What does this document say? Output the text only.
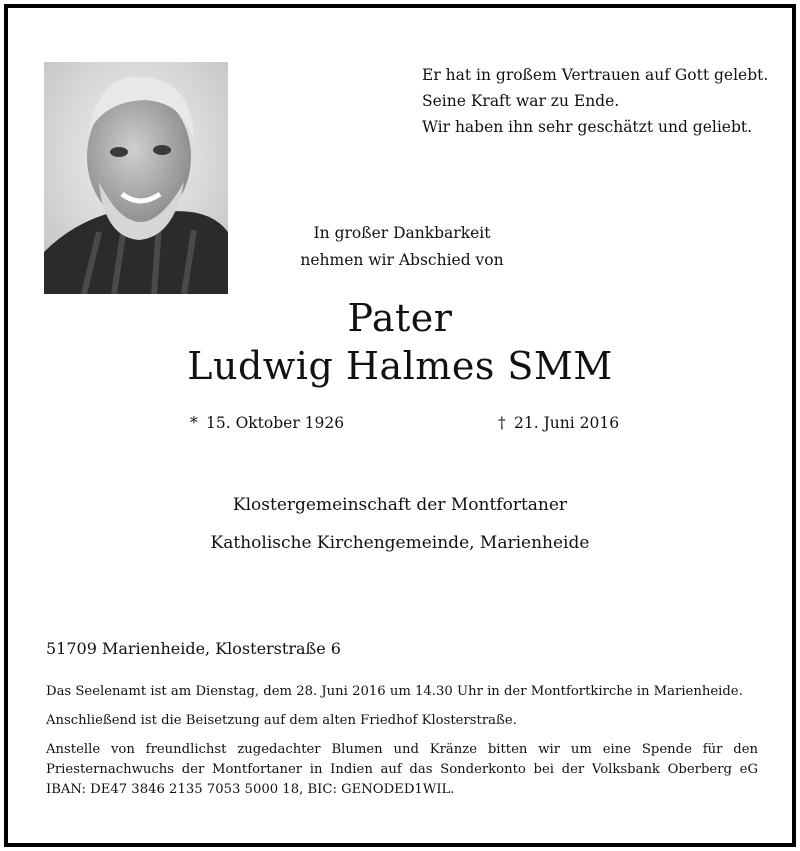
Er hat in großem Vertrauen auf Gott gelebt.
Seine Kraft war zu Ende.
Wir haben ihn sehr geschätzt und geliebt.
In großer Dankbarkeit
nehmen wir Abschied von
Pater
Ludwig Halmes SMM
* 15. Oktober 1926	† 21. Juni 2016
Klostergemeinschaft der Montfortaner
Katholische Kirchengemeinde, Marienheide
51709 Marienheide, Klosterstraße 6

Das Seelenamt ist am Dienstag, dem 28. Juni 2016 um 14.30 Uhr in der Montfortkirche in Marienheide.

Anschließend ist die Beisetzung auf dem alten Friedhof Klosterstraße.

Anstelle von freundlichst zugedachter Blumen und Kränze bitten wir um eine Spende für den Priesternachwuchs der Montfortaner in Indien auf das Sonderkonto bei der Volksbank Oberberg eG IBAN: DE47 3846 2135 7053 5000 18, BIC: GENODED1WIL.
